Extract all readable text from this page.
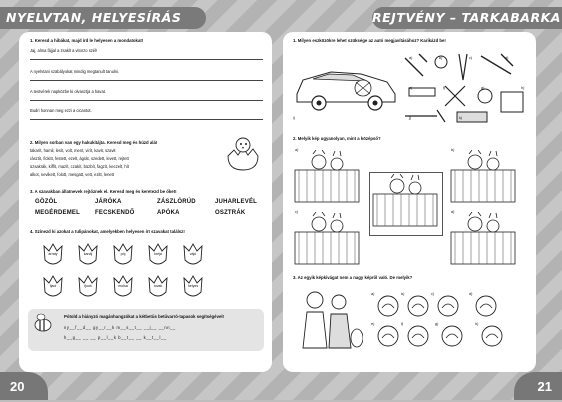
NYELVTAN, HELYESÍRÁS
1. Keresd a hibákat, majd írd le helyesen a mondatokat!
Jaj, alma fájjal a zsaklt a vitorzo szél!
A nyelvtani szabályokat mindig megtanult tanulni.
A testvérek napközbe ki olvasztja a havat.
Budri honnan meg ezzi a cicantot.
2. Milyen sorban van egy hakukitájta. Keresd meg és húzd alá!
takarít, hamil, lesít, volt, ment, virít, kavit, szavit
rásztít, fickitt, festett, ezelt, ágrát, szedett, levett, rejtett
üzsakrák, kiffít, mazít, czakít, büzbít, fagzít, keczelt, hít
alkot, nevikett, folott, mesgatt, vett, ezitt, lenett
3. A szavakban állatnevek rejtőznek el. Keresd meg és keretezd be őket!
GÖZÖL	JÁRÓKA	ZÁSZLÓRÚD	JUHARLEVÉL
MEGÉRDEMEL FECSKENDŐ	APÓKA	OSZTRÁK
4. Színezd ki azokat a tulipánokat, amelyekben helyesen írt szavakat találsz!
arraty	kanáj	pój	kréja	vájó
fjaol	fjuok	mulsa	lovak	helyes
Pótold a hiányzó magánhangzókat a kétbetűs betűvarró-tapasok segítségével!
ny__f__d__ gy__r__k m__s__t__ __j__ __nn__
h__g__ __ __ p__l__k b__t__ __ k__t__l__
20
REJTVÉNY – TARKABARKA
1. Milyen eszközökre lehet szüksége az autó megjavításához? Karikázd be!
a)	b)	c)	d)
e)	f)	g)	h)
i)	j)	k)
2. Melyik kép ugyanolyan, mint a középső?
a)	b)
c)	d)
3. Az egyik képkivágat nem a nagy képről való. De melyik?
a)	b)	c)	d)
e)	f)	g)	h)
21
